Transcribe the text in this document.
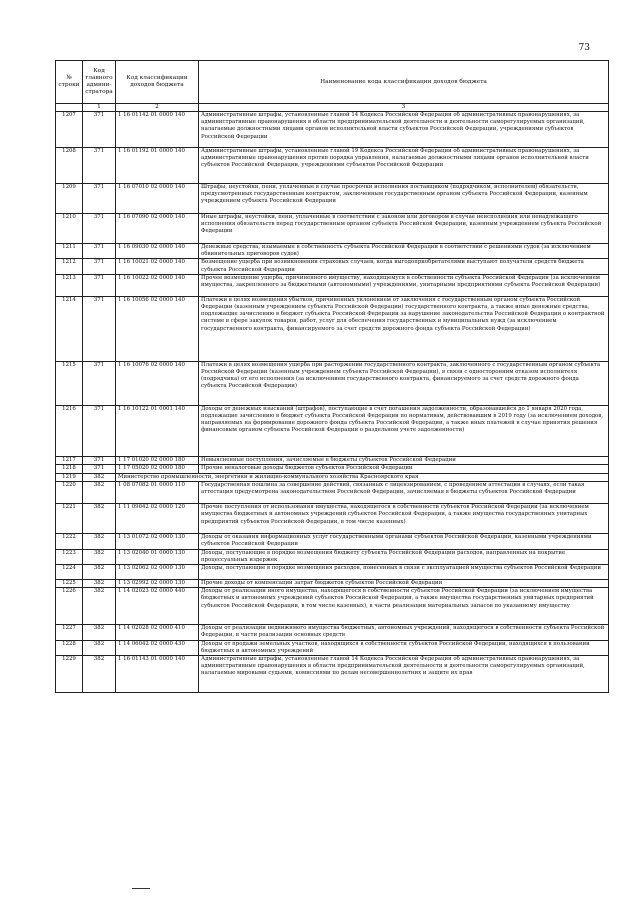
73
№ строки	Код главного админи-стратора	Код классификации доходов бюджета	Наименование кода классификации доходов бюджета
	1	2	3
1207	371	1 16 01142 01 0000 140	Административные штрафы, установленные главой 14 Кодекса Российской Федерации об административных правонарушениях, за административные правонарушения в области предпринимательской деятельности и деятельности саморегулируемых организаций, налагаемые должностными лицами органов исполнительной власти субъектов Российской Федерации, учреждениями субъектов Российской Федерации
1208	371	1 16 01192 01 0000 140	Административные штрафы, установленные главой 19 Кодекса Российской Федерации об административных правонарушениях, за административные правонарушения против порядка управления, налагаемые должностными лицами органов исполнительной власти субъектов Российской Федерации, учреждениями субъектов Российской Федерации
1209	371	1 16 07010 02 0000 140	Штрафы, неустойки, пени, уплаченные в случае просрочки исполнения поставщиком (подрядчиком, исполнителем) обязательств, предусмотренных государственным контрактом, заключенным государственным органом субъекта Российской Федерации, казенным учреждением субъекта Российской Федерации
1210	371	1 16 07090 02 0000 140	Иные штрафы, неустойки, пени, уплаченные в соответствии с законом или договором в случае неисполнения или ненадлежащего исполнения обязательств перед государственным органом субъекта Российской Федерации, казенным учреждением субъекта Российской Федерации
1211	371	1 16 09030 02 0000 140	Денежные средства, изымаемые в собственность субъекта Российской Федерации в соответствии с решениями судов (за исключением обвинительных приговоров судов)
1212	371	1 16 10021 02 0000 140	Возмещение ущерба при возникновении страховых случаев, когда выгодоприобретателями выступают получатели средств бюджета субъекта Российской Федерации
1213	371	1 16 10022 02 0000 140	Прочее возмещение ущерба, причиненного имуществу, находящемуся в собственности субъекта Российской Федерации (за исключением имущества, закрепленного за бюджетными (автономными) учреждениями, унитарными предприятиями субъекта Российской Федерации)
1214	371	1 16 10056 02 0000 140	Платежи в целях возмещения убытков, причиненных уклонением от заключения с государственным органом субъекта Российской Федерации (казенным учреждением субъекта Российской Федерации) государственного контракта, а также иные денежные средства, подлежащие зачислению в бюджет субъекта Российской Федерации за нарушение законодательства Российской Федерации о контрактной системе в сфере закупок товаров, работ, услуг для обеспечения государственных и муниципальных нужд (за исключением государственного контракта, финансируемого за счет средств дорожного фонда субъекта Российской Федерации)
1215	371	1 16 10076 02 0000 140	Платежи в целях возмещения ущерба при расторжении государственного контракта, заключенного с государственным органом субъекта Российской Федерации (казенным учреждением субъекта Российской Федерации), в связи с односторонним отказом исполнителя (подрядчика) от его исполнения (за исключением государственного контракта, финансируемого за счет средств дорожного фонда субъекта Российской Федерации)
1216	371	1 16 10122 01 0001 140	Доходы от денежных взысканий (штрафов), поступающие в счет погашения задолженности, образовавшейся до 1 января 2020 года, подлежащие зачислению в бюджет субъекта Российской Федерации по нормативам, действовавшим в 2019 году (за исключением доходов, направляемых на формирование дорожного фонда субъекта Российской Федерации, а также иных платежей в случае принятия решения финансовым органом субъекта Российской Федерации о раздельном учете задолженности)
1217	371	1 17 01020 02 0000 180	Невыясненные поступления, зачисляемые в бюджеты субъектов Российской Федерации
1218	371	1 17 05020 02 0000 180	Прочие неналоговые доходы бюджетов субъектов Российской Федерации
1219	382	Министерство промышленности, энергетики и жилищно-коммунального хозяйства Красноярского края	
1220	382	1 08 07082 01 0000 110	Государственная пошлина за совершение действий, связанных с лицензированием, с проведением аттестации в случаях, если такая аттестация предусмотрена законодательством Российской Федерации, зачисляемая в бюджеты субъектов Российской Федерации
1221	382	1 11 09042 02 0000 120	Прочие поступления от использования имущества, находящегося в собственности субъектов Российской Федерации (за исключением имущества бюджетных и автономных учреждений субъектов Российской Федерации, а также имущества государственных унитарных предприятий субъектов Российской Федерации, в том числе казенных)
1222	382	1 13 01072 02 0000 130	Доходы от оказания информационных услуг государственными органами субъектов Российской Федерации, казенными учреждениями субъектов Российской Федерации
1223	382	1 13 02040 01 0000 130	Доходы, поступающие в порядке возмещения бюджету субъекта Российской Федерации расходов, направленных на покрытие процессуальных издержек
1224	382	1 13 02062 02 0000 130	Доходы, поступающие в порядке возмещения расходов, понесенных в связи с эксплуатацией имущества субъектов Российской Федерации
1225	382	1 13 02992 02 0000 130	Прочие доходы от компенсации затрат бюджетов субъектов Российской Федерации
1226	382	1 14 02023 02 0000 440	Доходы от реализации иного имущества, находящегося в собственности субъектов Российской Федерации (за исключением имущества бюджетных и автономных учреждений субъектов Российской Федерации, а также имущества государственных унитарных предприятий субъектов Российской Федерации, в том числе казенных), в части реализации материальных запасов по указанному имуществу
1227	382	1 14 02028 02 0000 410	Доходы от реализации недвижимого имущества бюджетных, автономных учреждений, находящегося в собственности субъекта Российской Федерации, в части реализации основных средств
1228	382	1 14 06042 02 0000 430	Доходы от продажи земельных участков, находящихся в собственности субъектов Российской Федерации, находящихся в пользовании бюджетных и автономных учреждений
1229	382	1 16 01143 01 0000 140	Административные штрафы, установленные главой 14 Кодекса Российской Федерации об административных правонарушениях, за административные правонарушения в области предпринимательской деятельности и деятельности саморегулируемых организаций, налагаемые мировыми судьями, комиссиями по делам несовершеннолетних и защите их прав
